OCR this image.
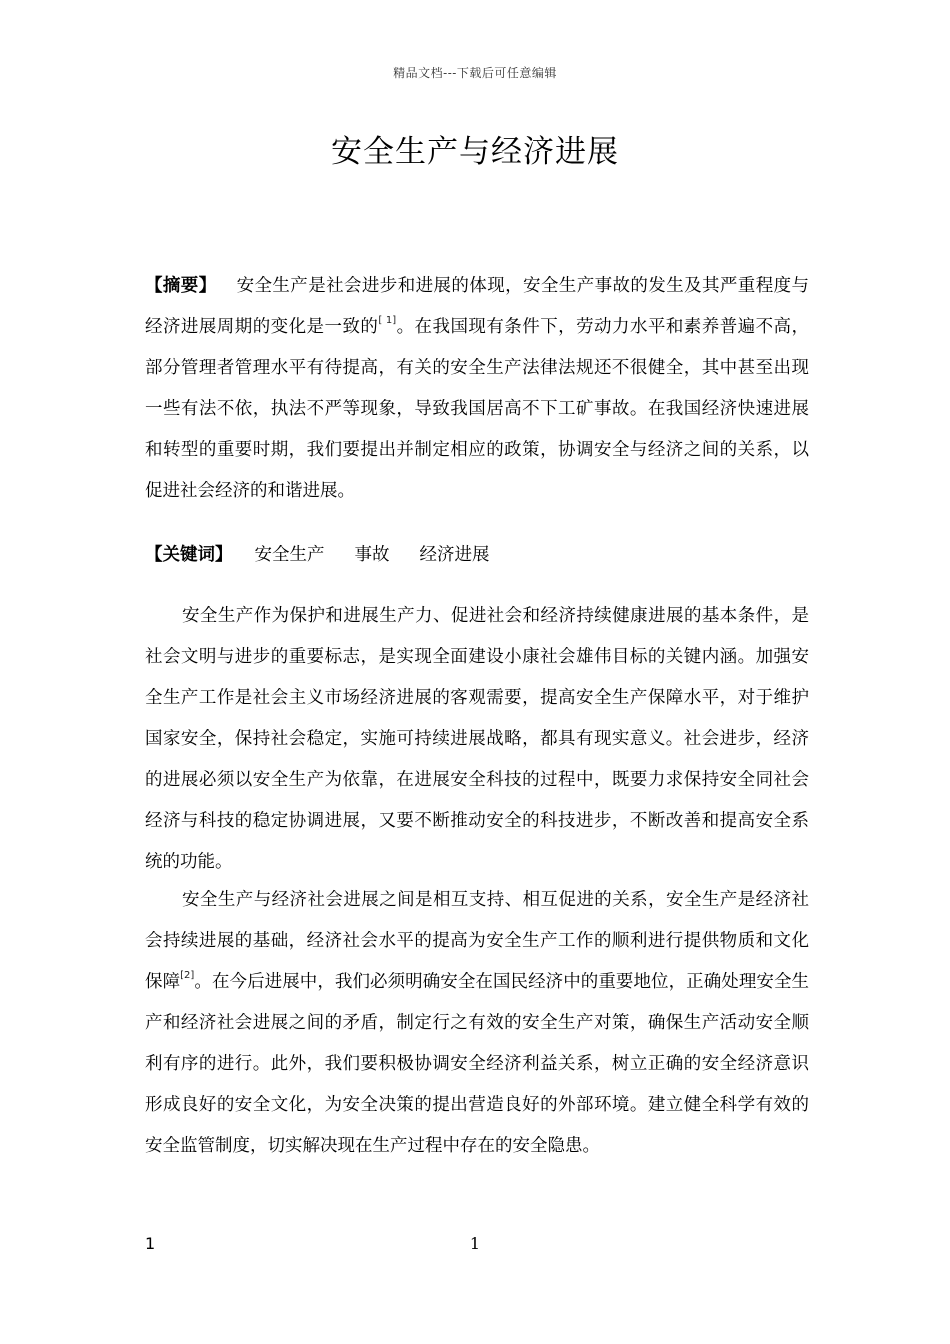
精品文档---下载后可任意编辑
安全生产与经济进展
【摘要】 安全生产是社会进步和进展的体现，安全生产事故的发生及其严重程度与经济进展周期的变化是一致的[ 1]。在我国现有条件下，劳动力水平和素养普遍不高，部分管理者管理水平有待提高，有关的安全生产法律法规还不很健全，其中甚至出现一些有法不依，执法不严等现象，导致我国居高不下工矿事故。在我国经济快速进展和转型的重要时期，我们要提出并制定相应的政策，协调安全与经济之间的关系，以促进社会经济的和谐进展。
【关键词】 安全生产 事故 经济进展
安全生产作为保护和进展生产力、促进社会和经济持续健康进展的基本条件，是社会文明与进步的重要标志，是实现全面建设小康社会雄伟目标的关键内涵。加强安全生产工作是社会主义市场经济进展的客观需要，提高安全生产保障水平，对于维护国家安全，保持社会稳定，实施可持续进展战略，都具有现实意义。社会进步，经济的进展必须以安全生产为依靠，在进展安全科技的过程中，既要力求保持安全同社会经济与科技的稳定协调进展，又要不断推动安全的科技进步，不断改善和提高安全系统的功能。
安全生产与经济社会进展之间是相互支持、相互促进的关系，安全生产是经济社会持续进展的基础，经济社会水平的提高为安全生产工作的顺利进行提供物质和文化保障[2]。在今后进展中，我们必须明确安全在国民经济中的重要地位，正确处理安全生产和经济社会进展之间的矛盾，制定行之有效的安全生产对策，确保生产活动安全顺利有序的进行。此外，我们要积极协调安全经济利益关系，树立正确的安全经济意识形成良好的安全文化，为安全决策的提出营造良好的外部环境。建立健全科学有效的安全监管制度，切实解决现在生产过程中存在的安全隐患。
1	1
